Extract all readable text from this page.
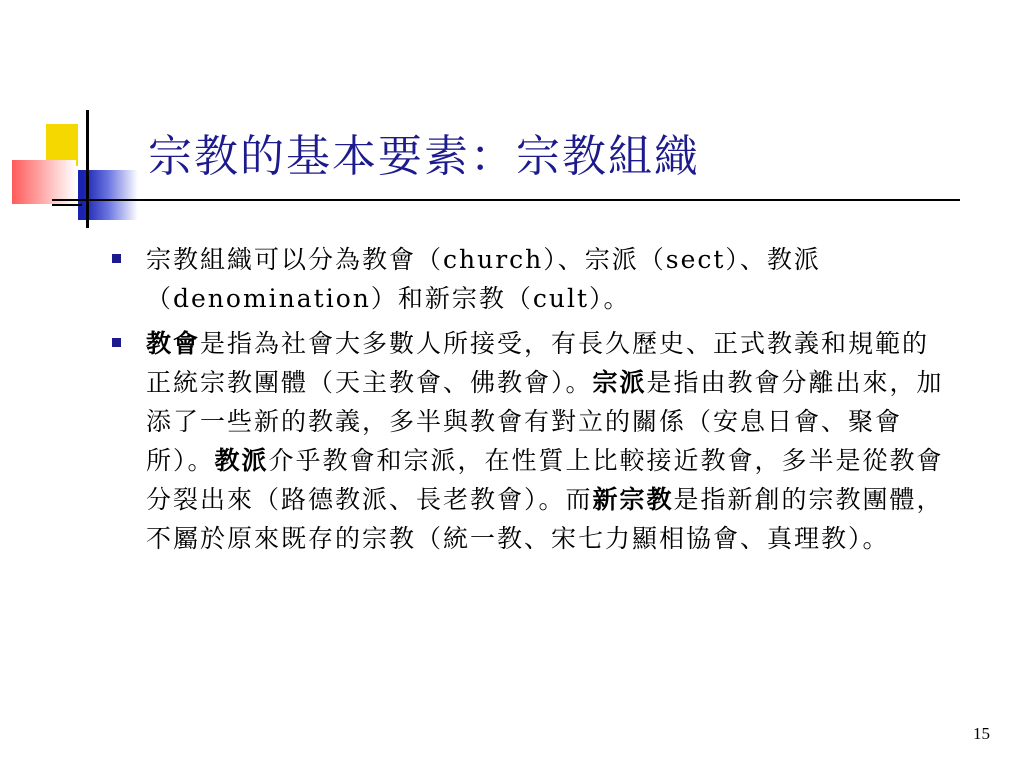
宗教的基本要素：宗教組織
宗教組織可以分為教會（church）、宗派（sect）、教派（denomination）和新宗教（cult）。
教會是指為社會大多數人所接受，有長久歷史、正式教義和規範的正統宗教團體（天主教會、佛教會）。宗派是指由教會分離出來，加添了一些新的教義，多半與教會有對立的關係（安息日會、聚會所）。教派介乎教會和宗派，在性質上比較接近教會，多半是從教會分裂出來（路德教派、長老教會）。而新宗教是指新創的宗教團體，不屬於原來既存的宗教（統一教、宋七力顯相協會、真理教）。
15
